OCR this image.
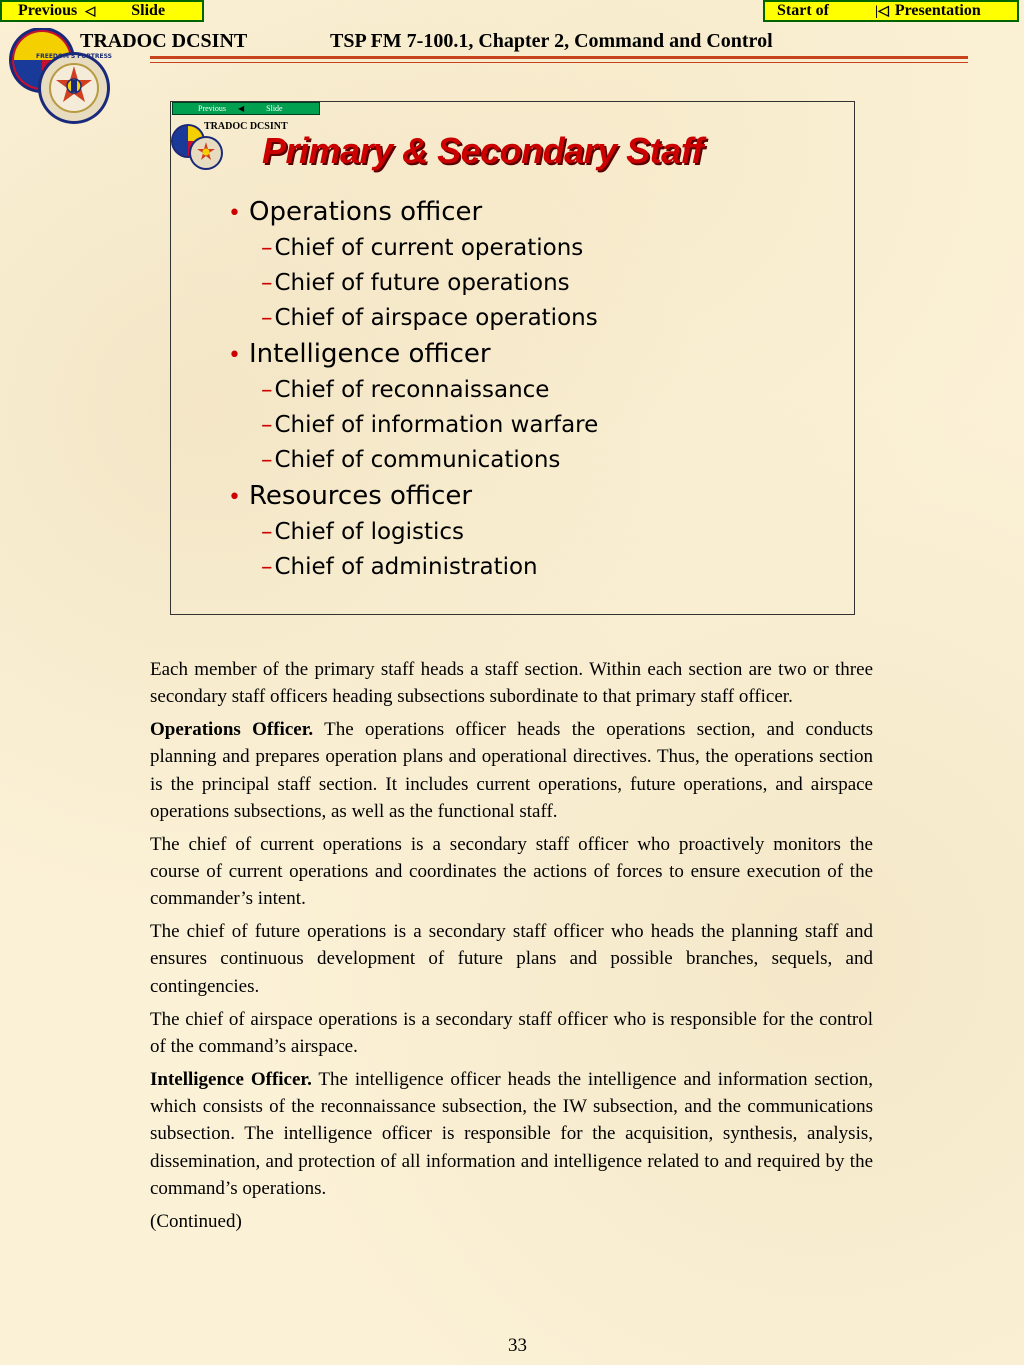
Previous ◁ Slide	Start of	|◁ Presentation
FREEDOM'S FORTRESS
TRADOC DCSINT	TSP FM 7-100.1, Chapter 2, Command and Control
Previous ◀	Slide
TRADOC DCSINT
Primary & Secondary Staff
• Operations officer
–Chief of current operations
–Chief of future operations
–Chief of airspace operations
• Intelligence officer
–Chief of reconnaissance
–Chief of information warfare
–Chief of communications
• Resources officer
–Chief of logistics
–Chief of administration

Each member of the primary staff heads a staff section. Within each section are two or three secondary staff officers heading subsections subordinate to that primary staff officer.

Operations Officer. The operations officer heads the operations section, and conducts planning and prepares operation plans and operational directives. Thus, the operations section is the principal staff section. It includes current operations, future operations, and airspace operations subsections, as well as the functional staff.

The chief of current operations is a secondary staff officer who proactively monitors the course of current operations and coordinates the actions of forces to ensure execution of the commander’s intent.

The chief of future operations is a secondary staff officer who heads the planning staff and ensures continuous development of future plans and possible branches, sequels, and contingencies.

The chief of airspace operations is a secondary staff officer who is responsible for the control of the command’s airspace.

Intelligence Officer. The intelligence officer heads the intelligence and information section, which consists of the reconnaissance subsection, the IW subsection, and the communications subsection. The intelligence officer is responsible for the acquisition, synthesis, analysis, dissemination, and protection of all information and intelligence related to and required by the command’s operations.

(Continued)

33
